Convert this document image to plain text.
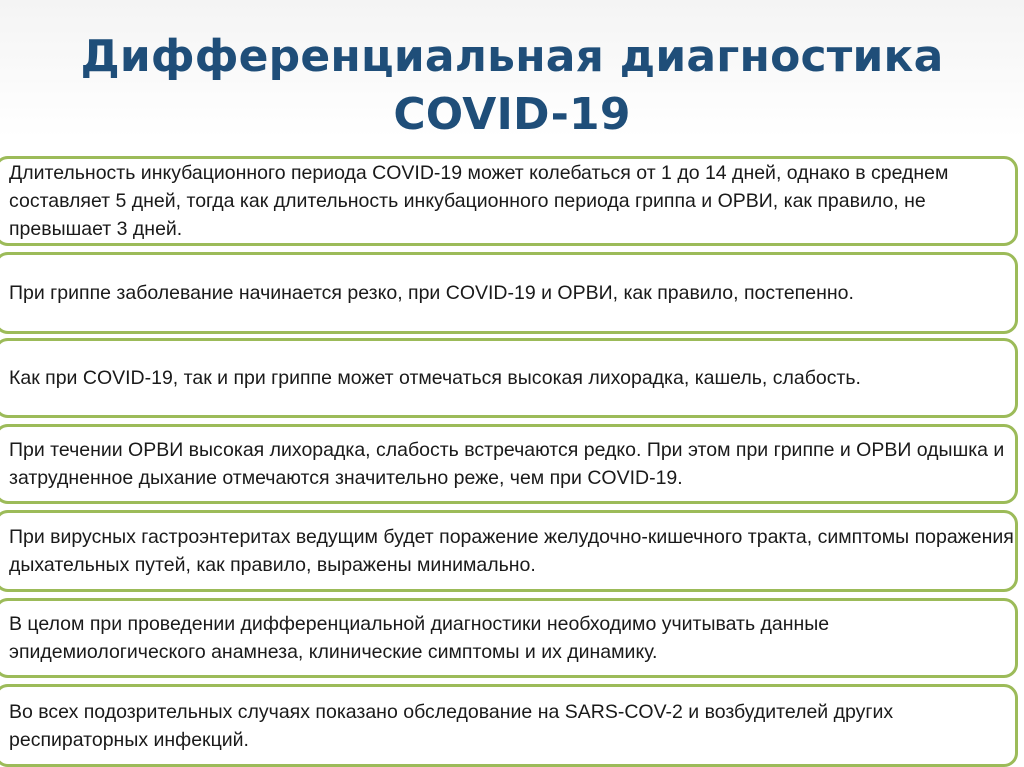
Дифференциальная диагностика
COVID-19
Длительность инкубационного периода COVID-19 может колебаться от 1 до 14 дней, однако в среднем составляет 5 дней, тогда как длительность инкубационного периода гриппа и ОРВИ, как правило, не превышает 3 дней.
При гриппе заболевание начинается резко, при COVID-19 и ОРВИ, как правило, постепенно.
Как при COVID-19, так и при гриппе может отмечаться высокая лихорадка, кашель, слабость.
При течении ОРВИ высокая лихорадка, слабость встречаются редко. При этом при гриппе и ОРВИ одышка и затрудненное дыхание отмечаются значительно реже, чем при COVID-19.
При вирусных гастроэнтеритах ведущим будет поражение желудочно-кишечного тракта, симптомы поражения дыхательных путей, как правило, выражены минимально.
В целом при проведении дифференциальной диагностики необходимо учитывать данные эпидемиологического анамнеза, клинические симптомы и их динамику.
Во всех подозрительных случаях показано обследование на SARS-COV-2 и возбудителей других респираторных инфекций.
